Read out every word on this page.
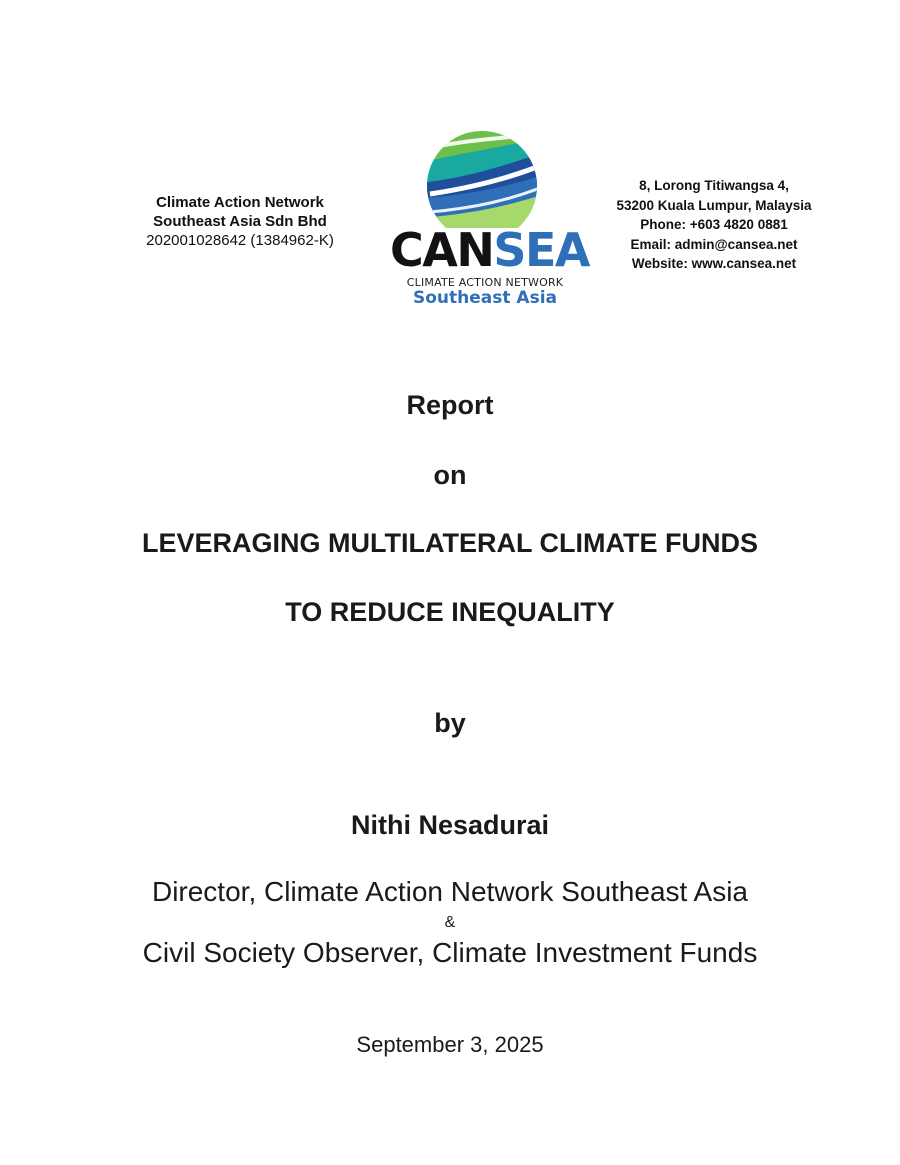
Climate Action Network
Southeast Asia Sdn Bhd
202001028642 (1384962-K)	CANSEA
CLIMATE ACTION NETWORK
Southeast Asia
8, Lorong Titiwangsa 4,
53200 Kuala Lumpur, Malaysia
Phone: +603 4820 0881
Email: admin@cansea.net
Website: www.cansea.net
Report
on
LEVERAGING MULTILATERAL CLIMATE FUNDS
TO REDUCE INEQUALITY
by
Nithi Nesadurai
Director, Climate Action Network Southeast Asia
&
Civil Society Observer, Climate Investment Funds
September 3, 2025
